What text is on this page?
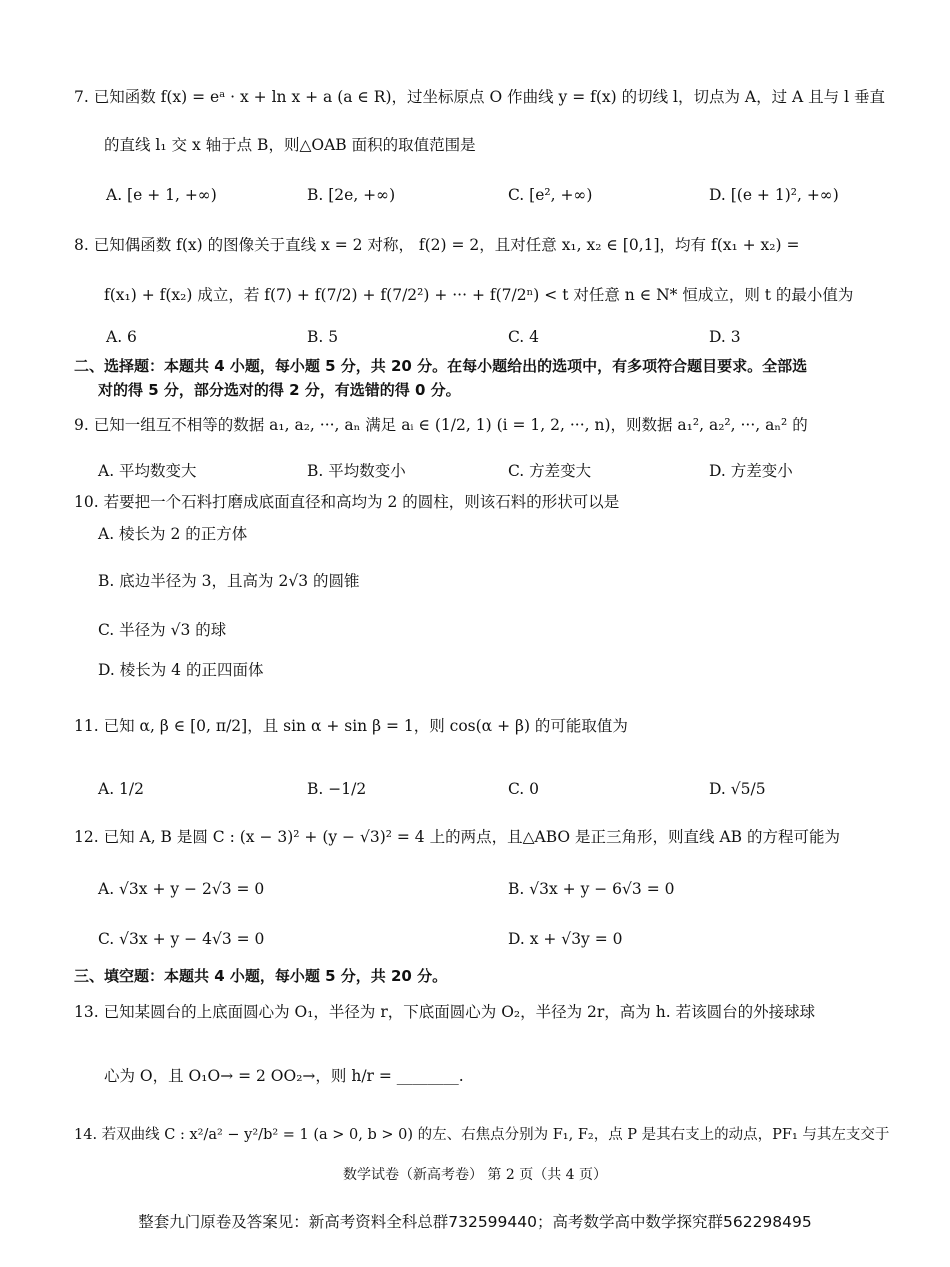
7. 已知函数 f(x) = eᵃ · x + ln x + a (a ∈ R)，过坐标原点 O 作曲线 y = f(x) 的切线 l，切点为 A，过 A 且与 l 垂直
的直线 l₁ 交 x 轴于点 B，则△OAB 面积的取值范围是
A. [e + 1, +∞)	B. [2e, +∞)	C. [e², +∞)	D. [(e + 1)², +∞)
8. 已知偶函数 f(x) 的图像关于直线 x = 2 对称， f(2) = 2，且对任意 x₁, x₂ ∈ [0,1]，均有 f(x₁ + x₂) =
f(x₁) + f(x₂) 成立，若 f(7) + f(7/2) + f(7/2²) + ··· + f(7/2ⁿ) < t 对任意 n ∈ N* 恒成立，则 t 的最小值为
A. 6	B. 5	C. 4	D. 3
二、选择题：本题共 4 小题，每小题 5 分，共 20 分。在每小题给出的选项中，有多项符合题目要求。全部选
对的得 5 分，部分选对的得 2 分，有选错的得 0 分。
9. 已知一组互不相等的数据 a₁, a₂, ···, aₙ 满足 aᵢ ∈ (1/2, 1) (i = 1, 2, ···, n)，则数据 a₁², a₂², ···, aₙ² 的
A. 平均数变大	B. 平均数变小	C. 方差变大	D. 方差变小
10. 若要把一个石料打磨成底面直径和高均为 2 的圆柱，则该石料的形状可以是
A. 棱长为 2 的正方体
B. 底边半径为 3，且高为 2√3 的圆锥
C. 半径为 √3 的球
D. 棱长为 4 的正四面体
11. 已知 α, β ∈ [0, π/2]，且 sin α + sin β = 1，则 cos(α + β) 的可能取值为
A. 1/2	B. −1/2	C. 0	D. √5/5
12. 已知 A, B 是圆 C : (x − 3)² + (y − √3)² = 4 上的两点，且△ABO 是正三角形，则直线 AB 的方程可能为
A. √3x + y − 2√3 = 0	B. √3x + y − 6√3 = 0
C. √3x + y − 4√3 = 0	D. x + √3y = 0
三、填空题：本题共 4 小题，每小题 5 分，共 20 分。
13. 已知某圆台的上底面圆心为 O₁，半径为 r，下底面圆心为 O₂，半径为 2r，高为 h. 若该圆台的外接球球
心为 O，且 O₁O→ = 2 OO₂→，则 h/r = ________.
14. 若双曲线 C : x²/a² − y²/b² = 1 (a > 0, b > 0) 的左、右焦点分别为 F₁, F₂，点 P 是其右支上的动点，PF₁ 与其左支交于
数学试卷（新高考卷） 第 2 页（共 4 页）
整套九门原卷及答案见：新高考资料全科总群732599440；高考数学高中数学探究群562298495
